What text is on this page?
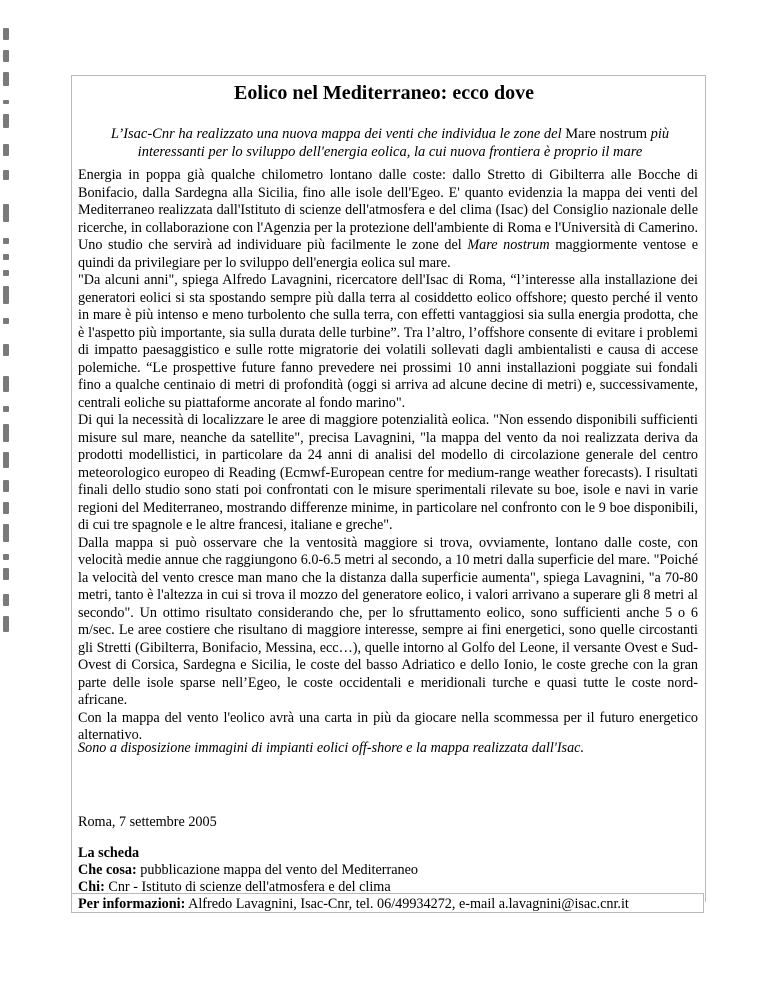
Eolico nel Mediterraneo: ecco dove
L’Isac-Cnr ha realizzato una nuova mappa dei venti che individua le zone del Mare nostrum più interessanti per lo sviluppo dell'energia eolica, la cui nuova frontiera è proprio il mare

Energia in poppa già qualche chilometro lontano dalle coste: dallo Stretto di Gibilterra alle Bocche di Bonifacio, dalla Sardegna alla Sicilia, fino alle isole dell'Egeo. E' quanto evidenzia la mappa dei venti del Mediterraneo realizzata dall'Istituto di scienze dell'atmosfera e del clima (Isac) del Consiglio nazionale delle ricerche, in collaborazione con l'Agenzia per la protezione dell'ambiente di Roma e l'Università di Camerino. Uno studio che servirà ad individuare più facilmente le zone del Mare nostrum maggiormente ventose e quindi da privilegiare per lo sviluppo dell'energia eolica sul mare.

"Da alcuni anni", spiega Alfredo Lavagnini, ricercatore dell'Isac di Roma, “l’interesse alla installazione dei generatori eolici si sta spostando sempre più dalla terra al cosiddetto eolico offshore; questo perché il vento in mare è più intenso e meno turbolento che sulla terra, con effetti vantaggiosi sia sulla energia prodotta, che è l'aspetto più importante, sia sulla durata delle turbine”. Tra l’altro, l’offshore consente di evitare i problemi di impatto paesaggistico e sulle rotte migratorie dei volatili sollevati dagli ambientalisti e causa di accese polemiche. “Le prospettive future fanno prevedere nei prossimi 10 anni installazioni poggiate sui fondali fino a qualche centinaio di metri di profondità (oggi si arriva ad alcune decine di metri) e, successivamente, centrali eoliche su piattaforme ancorate al fondo marino".

Di qui la necessità di localizzare le aree di maggiore potenzialità eolica. "Non essendo disponibili sufficienti misure sul mare, neanche da satellite", precisa Lavagnini, "la mappa del vento da noi realizzata deriva da prodotti modellistici, in particolare da 24 anni di analisi del modello di circolazione generale del centro meteorologico europeo di Reading (Ecmwf-European centre for medium-range weather forecasts). I risultati finali dello studio sono stati poi confrontati con le misure sperimentali rilevate su boe, isole e navi in varie regioni del Mediterraneo, mostrando differenze minime, in particolare nel confronto con le 9 boe disponibili, di cui tre spagnole e le altre francesi, italiane e greche".

Dalla mappa si può osservare che la ventosità maggiore si trova, ovviamente, lontano dalle coste, con velocità medie annue che raggiungono 6.0-6.5 metri al secondo, a 10 metri dalla superficie del mare. "Poiché la velocità del vento cresce man mano che la distanza dalla superficie aumenta", spiega Lavagnini, "a 70-80 metri, tanto è l'altezza in cui si trova il mozzo del generatore eolico, i valori arrivano a superare gli 8 metri al secondo". Un ottimo risultato considerando che, per lo sfruttamento eolico, sono sufficienti anche 5 o 6 m/sec. Le aree costiere che risultano di maggiore interesse, sempre ai fini energetici, sono quelle circostanti gli Stretti (Gibilterra, Bonifacio, Messina, ecc…), quelle intorno al Golfo del Leone, il versante Ovest e Sud-Ovest di Corsica, Sardegna e Sicilia, le coste del basso Adriatico e dello Ionio, le coste greche con la gran parte delle isole sparse nell’Egeo, le coste occidentali e meridionali turche e quasi tutte le coste nord-africane.

Con la mappa del vento l'eolico avrà una carta in più da giocare nella scommessa per il futuro energetico alternativo.

Sono a disposizione immagini di impianti eolici off-shore e la mappa realizzata dall'Isac.
Roma, 7 settembre 2005
La scheda
Che cosa: pubblicazione mappa del vento del Mediterraneo
Chi: Cnr - Istituto di scienze dell'atmosfera e del clima
Per informazioni: Alfredo Lavagnini, Isac-Cnr, tel. 06/49934272, e-mail a.lavagnini@isac.cnr.it
